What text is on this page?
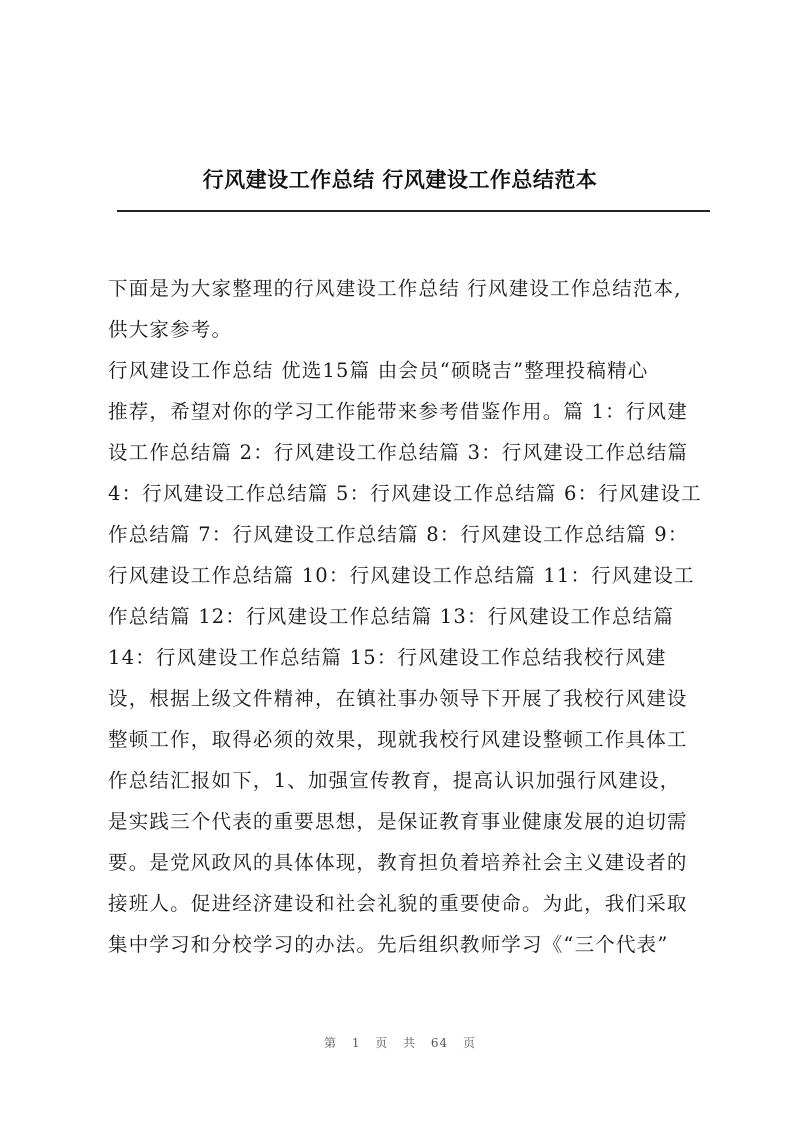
行风建设工作总结 行风建设工作总结范本
下面是为大家整理的行风建设工作总结 行风建设工作总结范本,
供大家参考。
行风建设工作总结 优选15篇 由会员“硕晓吉”整理投稿精心
推荐，希望对你的学习工作能带来参考借鉴作用。篇 1：行风建
设工作总结篇 2：行风建设工作总结篇 3：行风建设工作总结篇
4：行风建设工作总结篇 5：行风建设工作总结篇 6：行风建设工
作总结篇 7：行风建设工作总结篇 8：行风建设工作总结篇 9：
行风建设工作总结篇 10：行风建设工作总结篇 11：行风建设工
作总结篇 12：行风建设工作总结篇 13：行风建设工作总结篇
14：行风建设工作总结篇 15：行风建设工作总结我校行风建
设，根据上级文件精神，在镇社事办领导下开展了我校行风建设
整顿工作，取得必须的效果，现就我校行风建设整顿工作具体工
作总结汇报如下，1、加强宣传教育，提高认识加强行风建设，
是实践三个代表的重要思想，是保证教育事业健康发展的迫切需
要。是党风政风的具体体现，教育担负着培养社会主义建设者的
接班人。促进经济建设和社会礼貌的重要使命。为此，我们采取
集中学习和分校学习的办法。先后组织教师学习《“三个代表”
第 1 页 共 64 页
